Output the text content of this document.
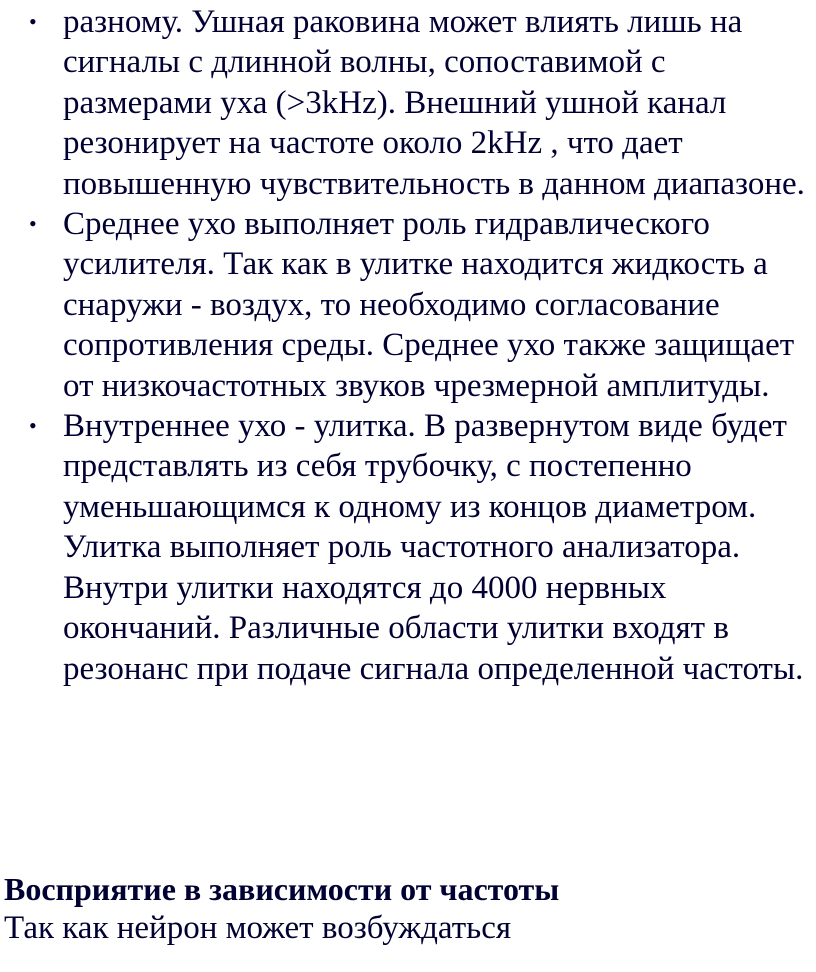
• разному. Ушная раковина может влиять лишь на сигналы с длинной волны, сопоставимой с размерами уха (>3kHz). Внешний ушной канал резонирует на частоте около 2kHz , что дает повышенную чувствительность в данном диапазоне.
• Среднее ухо выполняет роль гидравлического усилителя. Так как в улитке находится жидкость а снаружи - воздух, то необходимо согласование сопротивления среды. Среднее ухо также защищает от низкочастотных звуков чрезмерной амплитуды.
• Внутреннее ухо - улитка. В развернутом виде будет представлять из себя трубочку, с постепенно уменьшающимся к одному из концов диаметром. Улитка выполняет роль частотного анализатора. Внутри улитки находятся до 4000 нервных окончаний. Различные области улитки входят в резонанс при подаче сигнала определенной частоты.

Восприятие в зависимости от частоты

Так как нейрон может возбуждаться
